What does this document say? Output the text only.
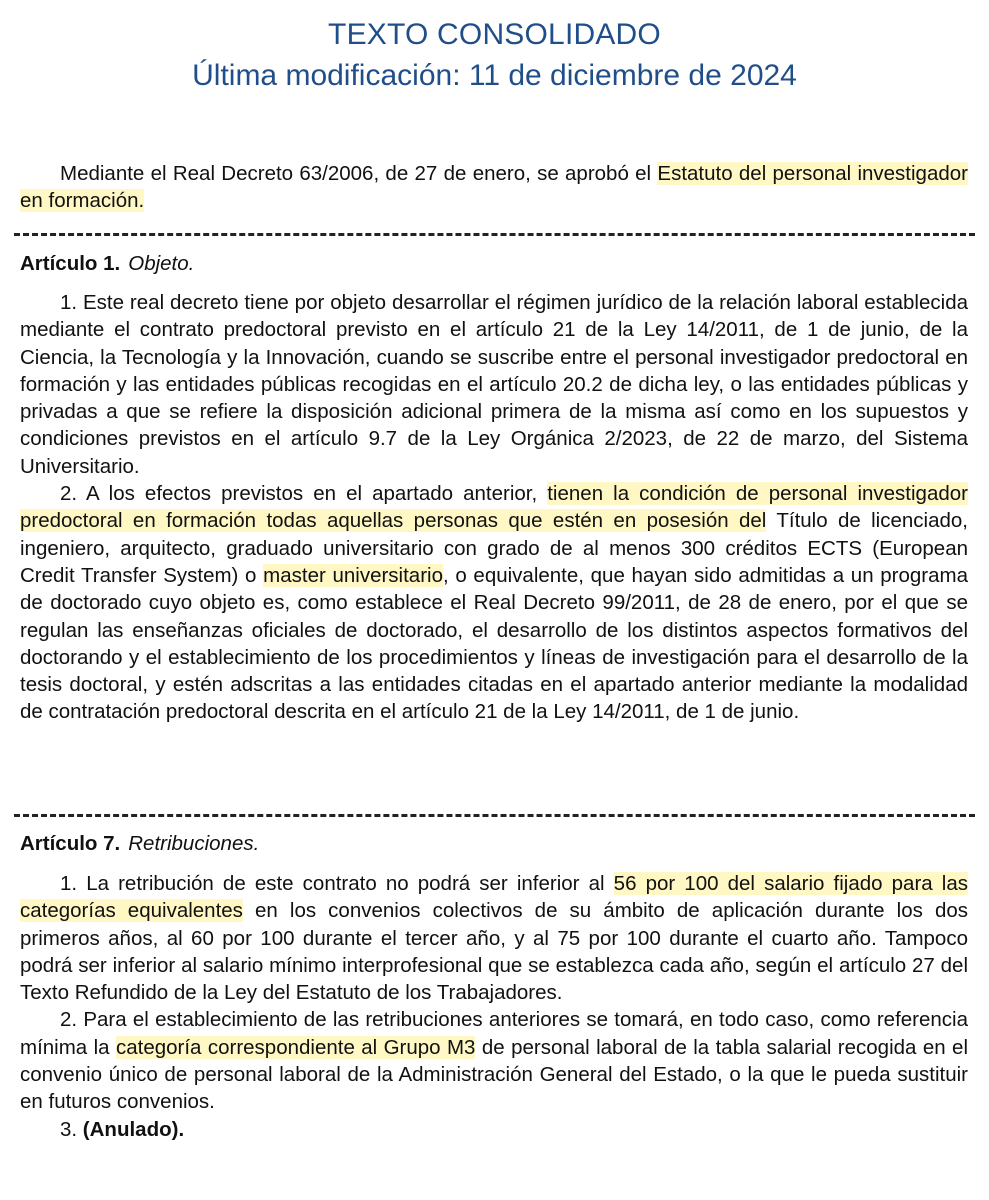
TEXTO CONSOLIDADO
Última modificación: 11 de diciembre de 2024

Mediante el Real Decreto 63/2006, de 27 de enero, se aprobó el Estatuto del personal investigador en formación.

Artículo 1. Objeto.

1. Este real decreto tiene por objeto desarrollar el régimen jurídico de la relación laboral establecida mediante el contrato predoctoral previsto en el artículo 21 de la Ley 14/2011, de 1 de junio, de la Ciencia, la Tecnología y la Innovación, cuando se suscribe entre el personal investigador predoctoral en formación y las entidades públicas recogidas en el artículo 20.2 de dicha ley, o las entidades públicas y privadas a que se refiere la disposición adicional primera de la misma así como en los supuestos y condiciones previstos en el artículo 9.7 de la Ley Orgánica 2/2023, de 22 de marzo, del Sistema Universitario.

2. A los efectos previstos en el apartado anterior, tienen la condición de personal investigador predoctoral en formación todas aquellas personas que estén en posesión del Título de licenciado, ingeniero, arquitecto, graduado universitario con grado de al menos 300 créditos ECTS (European Credit Transfer System) o master universitario, o equivalente, que hayan sido admitidas a un programa de doctorado cuyo objeto es, como establece el Real Decreto 99/2011, de 28 de enero, por el que se regulan las enseñanzas oficiales de doctorado, el desarrollo de los distintos aspectos formativos del doctorando y el establecimiento de los procedimientos y líneas de investigación para el desarrollo de la tesis doctoral, y estén adscritas a las entidades citadas en el apartado anterior mediante la modalidad de contratación predoctoral descrita en el artículo 21 de la Ley 14/2011, de 1 de junio.

Artículo 7. Retribuciones.

1. La retribución de este contrato no podrá ser inferior al 56 por 100 del salario fijado para las categorías equivalentes en los convenios colectivos de su ámbito de aplicación durante los dos primeros años, al 60 por 100 durante el tercer año, y al 75 por 100 durante el cuarto año. Tampoco podrá ser inferior al salario mínimo interprofesional que se establezca cada año, según el artículo 27 del Texto Refundido de la Ley del Estatuto de los Trabajadores.

2. Para el establecimiento de las retribuciones anteriores se tomará, en todo caso, como referencia mínima la categoría correspondiente al Grupo M3 de personal laboral de la tabla salarial recogida en el convenio único de personal laboral de la Administración General del Estado, o la que le pueda sustituir en futuros convenios.

3. (Anulado).
